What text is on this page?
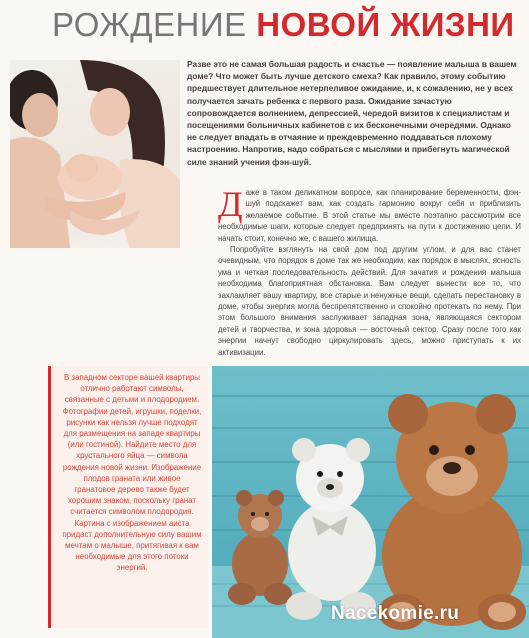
РОЖДЕНИЕ НОВОЙ ЖИЗНИ
Разве это не самая большая радость и счастье — появление малыша в вашем доме? Что может быть лучше детского смеха? Как правило, этому событию предшествует длительное нетерпеливое ожидание, и, к сожалению, не у всех получается зачать ребенка с первого раза. Ожидание зачастую сопровождается волнением, депрессией, чередой визитов к специалистам и посещениями больничных кабинетов с их бесконечными очередями. Однако не следует впадать в отчаяние и преждевременно поддаваться плохому настроению. Напротив, надо собраться с мыслями и прибегнуть магической силе знаний учения фэн-шуй.

Даже в таком деликатном вопросе, как планирование беременности, фэн-шуй подскажет вам, как создать гармонию вокруг себя и приблизить желаемое событие. В этой статье мы вместе поэтапно рассмотрим все необходимые шаги, которые следует предпринять на пути к достижению цели. И начать стоит, конечно же, с вашего жилища.

Попробуйте взглянуть на свой дом под другим углом, и для вас станет очевидным, что порядок в доме так же необходим, как порядок в мыслях, ясность ума и четкая последовательность действий. Для зачатия и рождения малыша необходима благоприятная обстановка. Вам следует вынести все то, что захламляет вашу квартиру, все старые и ненужные вещи, сделать перестановку в доме, чтобы энергия могла беспрепятственно и спокойно протекать по нему. При этом большого внимания заслуживает западная зона, являющаяся сектором детей и творчества, и зона здоровья — восточный сектор. Сразу после того как энергии начнут свободно циркулировать здесь, можно приступать к их активизации.

В западном секторе вашей квартиры отлично работают символы, связанные с детьми и плодородием. Фотографии детей, игрушки, поделки, рисунки как нельзя лучше подходят для размещения на западе квартиры (или гостиной). Найдите место для хрустального яйца — символа рождения новой жизни. Изображение плодов граната или живое гранатовое дерево также будет хорошим знаком, поскольку гранат считается символом плодородия. Картина с изображением аиста придаст дополнительную силу вашим мечтам о малыше, притягивая к вам необходимые для этого потоки энергий.
Nacekomie.ru
